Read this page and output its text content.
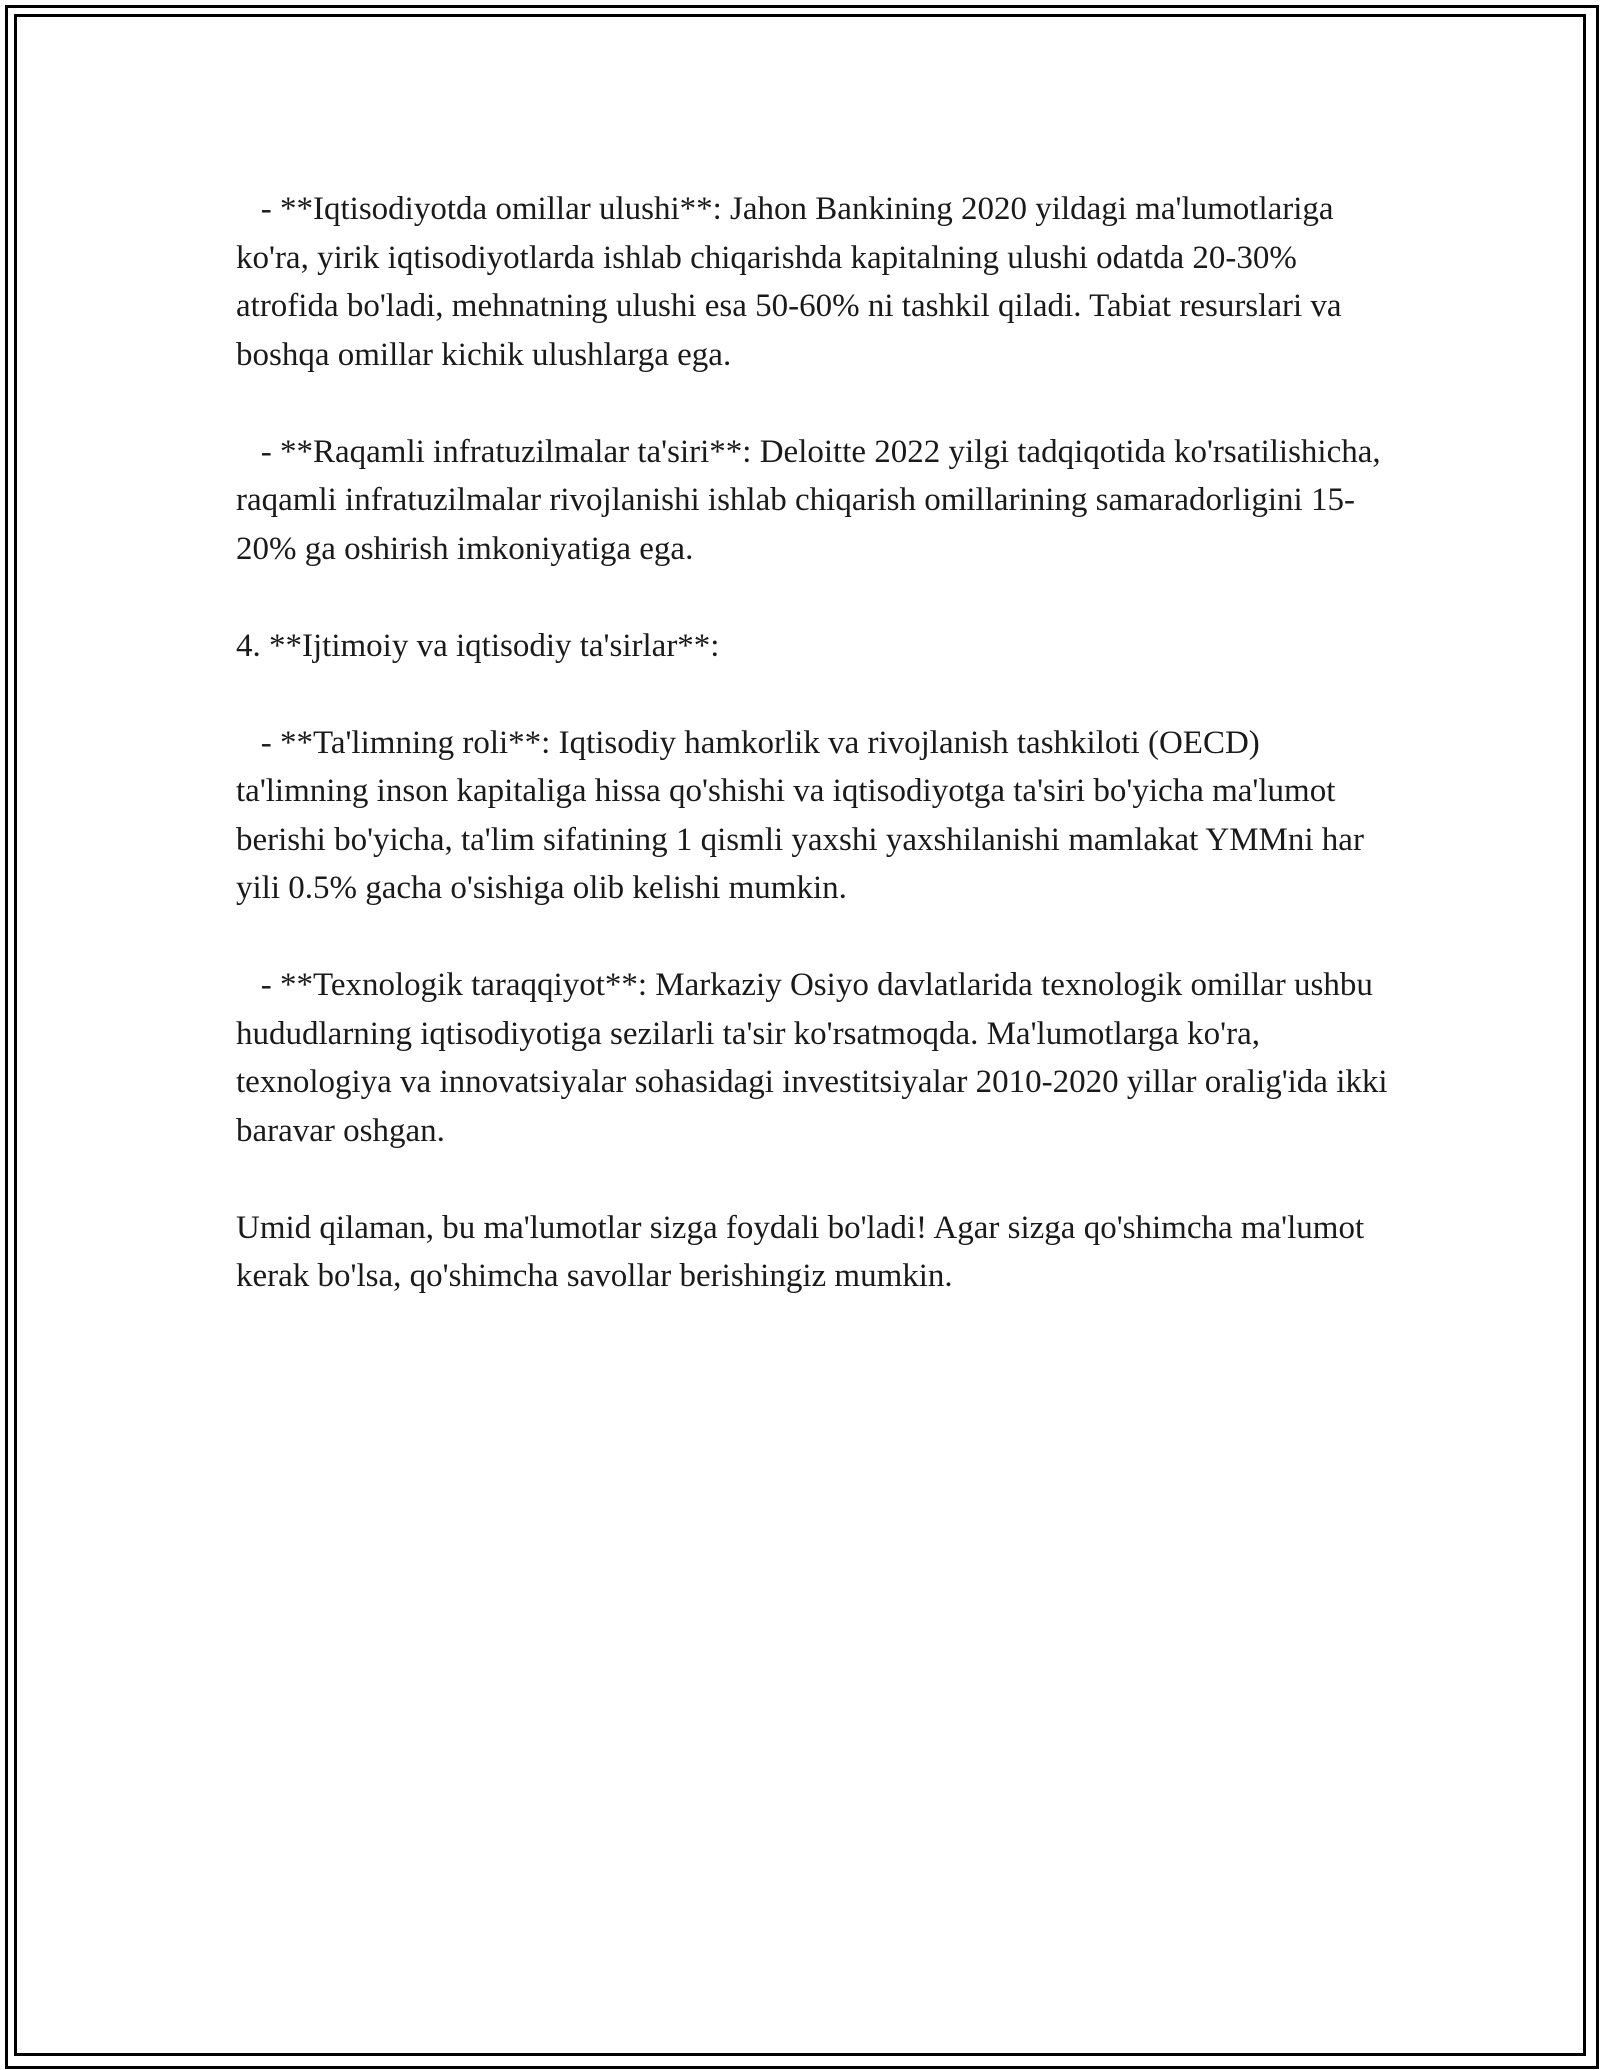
- **Iqtisodiyotda omillar ulushi**: Jahon Bankining 2020 yildagi ma'lumotlariga ko'ra, yirik iqtisodiyotlarda ishlab chiqarishda kapitalning ulushi odatda 20-30% atrofida bo'ladi, mehnatning ulushi esa 50-60% ni tashkil qiladi. Tabiat resurslari va boshqa omillar kichik ulushlarga ega.

- **Raqamli infratuzilmalar ta'siri**: Deloitte 2022 yilgi tadqiqotida ko'rsatilishicha, raqamli infratuzilmalar rivojlanishi ishlab chiqarish omillarining samaradorligini 15-20% ga oshirish imkoniyatiga ega.

4. **Ijtimoiy va iqtisodiy ta'sirlar**:

- **Ta'limning roli**: Iqtisodiy hamkorlik va rivojlanish tashkiloti (OECD) ta'limning inson kapitaliga hissa qo'shishi va iqtisodiyotga ta'siri bo'yicha ma'lumot berishi bo'yicha, ta'lim sifatining 1 qismli yaxshi yaxshilanishi mamlakat YMMni har yili 0.5% gacha o'sishiga olib kelishi mumkin.

- **Texnologik taraqqiyot**: Markaziy Osiyo davlatlarida texnologik omillar ushbu hududlarning iqtisodiyotiga sezilarli ta'sir ko'rsatmoqda. Ma'lumotlarga ko'ra, texnologiya va innovatsiyalar sohasidagi investitsiyalar 2010-2020 yillar oralig'ida ikki baravar oshgan.

Umid qilaman, bu ma'lumotlar sizga foydali bo'ladi! Agar sizga qo'shimcha ma'lumot kerak bo'lsa, qo'shimcha savollar berishingiz mumkin.
